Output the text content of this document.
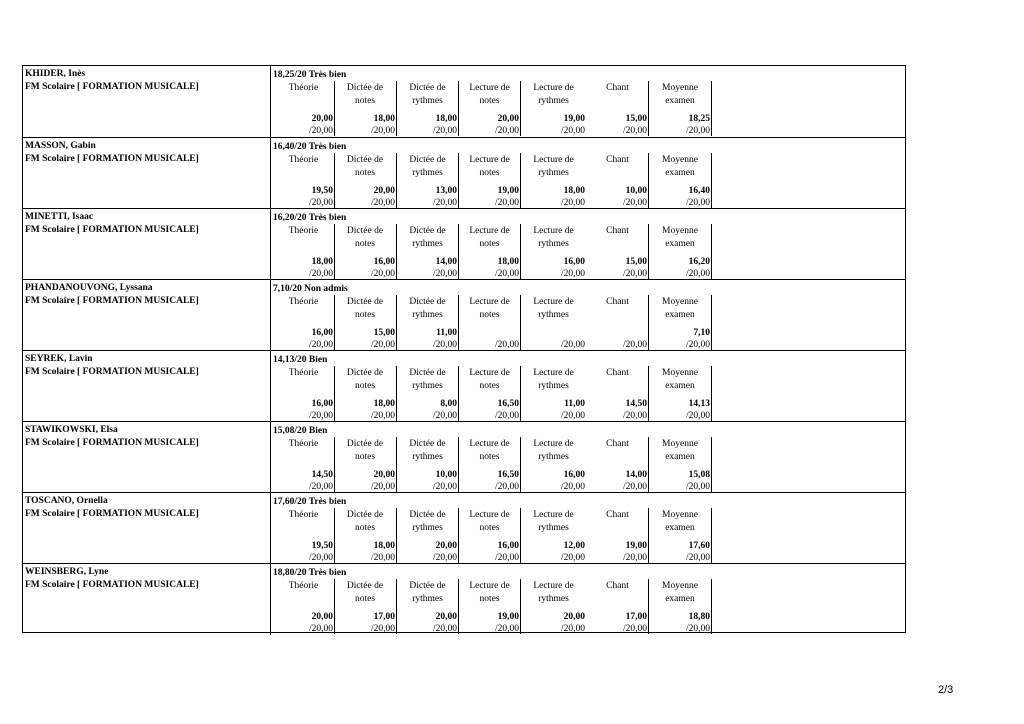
KHIDER, Inès
FM Scolaire [ FORMATION MUSICALE]
18,25/20 Très bien
Théorie
20,00
/20,00
Dictée de
notes
18,00
/20,00
Dictée de
rythmes
18,00
/20,00
Lecture de
notes
20,00
/20,00
Lecture de
rythmes
19,00
/20,00
Chant
15,00
/20,00
Moyenne
examen
18,25
/20,00
MASSON, Gabin
FM Scolaire [ FORMATION MUSICALE]
16,40/20 Très bien
Théorie
19,50
/20,00
Dictée de
notes
20,00
/20,00
Dictée de
rythmes
13,00
/20,00
Lecture de
notes
19,00
/20,00
Lecture de
rythmes
18,00
/20,00
Chant
10,00
/20,00
Moyenne
examen
16,40
/20,00
MINETTI, Isaac
FM Scolaire [ FORMATION MUSICALE]
16,20/20 Très bien
Théorie
18,00
/20,00
Dictée de
notes
16,00
/20,00
Dictée de
rythmes
14,00
/20,00
Lecture de
notes
18,00
/20,00
Lecture de
rythmes
16,00
/20,00
Chant
15,00
/20,00
Moyenne
examen
16,20
/20,00
PHANDANOUVONG, Lyssana
FM Scolaire [ FORMATION MUSICALE]
7,10/20 Non admis
Théorie
16,00
/20,00
Dictée de
notes
15,00
/20,00
Dictée de
rythmes
11,00
/20,00
Lecture de
notes
/20,00
Lecture de
rythmes
/20,00
Chant
/20,00
Moyenne
examen
7,10
/20,00
SEYREK, Lavin
FM Scolaire [ FORMATION MUSICALE]
14,13/20 Bien
Théorie
16,00
/20,00
Dictée de
notes
18,00
/20,00
Dictée de
rythmes
8,00
/20,00
Lecture de
notes
16,50
/20,00
Lecture de
rythmes
11,00
/20,00
Chant
14,50
/20,00
Moyenne
examen
14,13
/20,00
STAWIKOWSKI, Elsa
FM Scolaire [ FORMATION MUSICALE]
15,08/20 Bien
Théorie
14,50
/20,00
Dictée de
notes
20,00
/20,00
Dictée de
rythmes
10,00
/20,00
Lecture de
notes
16,50
/20,00
Lecture de
rythmes
16,00
/20,00
Chant
14,00
/20,00
Moyenne
examen
15,08
/20,00
TOSCANO, Ornella
FM Scolaire [ FORMATION MUSICALE]
17,60/20 Très bien
Théorie
19,50
/20,00
Dictée de
notes
18,00
/20,00
Dictée de
rythmes
20,00
/20,00
Lecture de
notes
16,00
/20,00
Lecture de
rythmes
12,00
/20,00
Chant
19,00
/20,00
Moyenne
examen
17,60
/20,00
WEINSBERG, Lyne
FM Scolaire [ FORMATION MUSICALE]
18,80/20 Très bien
Théorie
20,00
/20,00
Dictée de
notes
17,00
/20,00
Dictée de
rythmes
20,00
/20,00
Lecture de
notes
19,00
/20,00
Lecture de
rythmes
20,00
/20,00
Chant
17,00
/20,00
Moyenne
examen
18,80
/20,00
2/3
